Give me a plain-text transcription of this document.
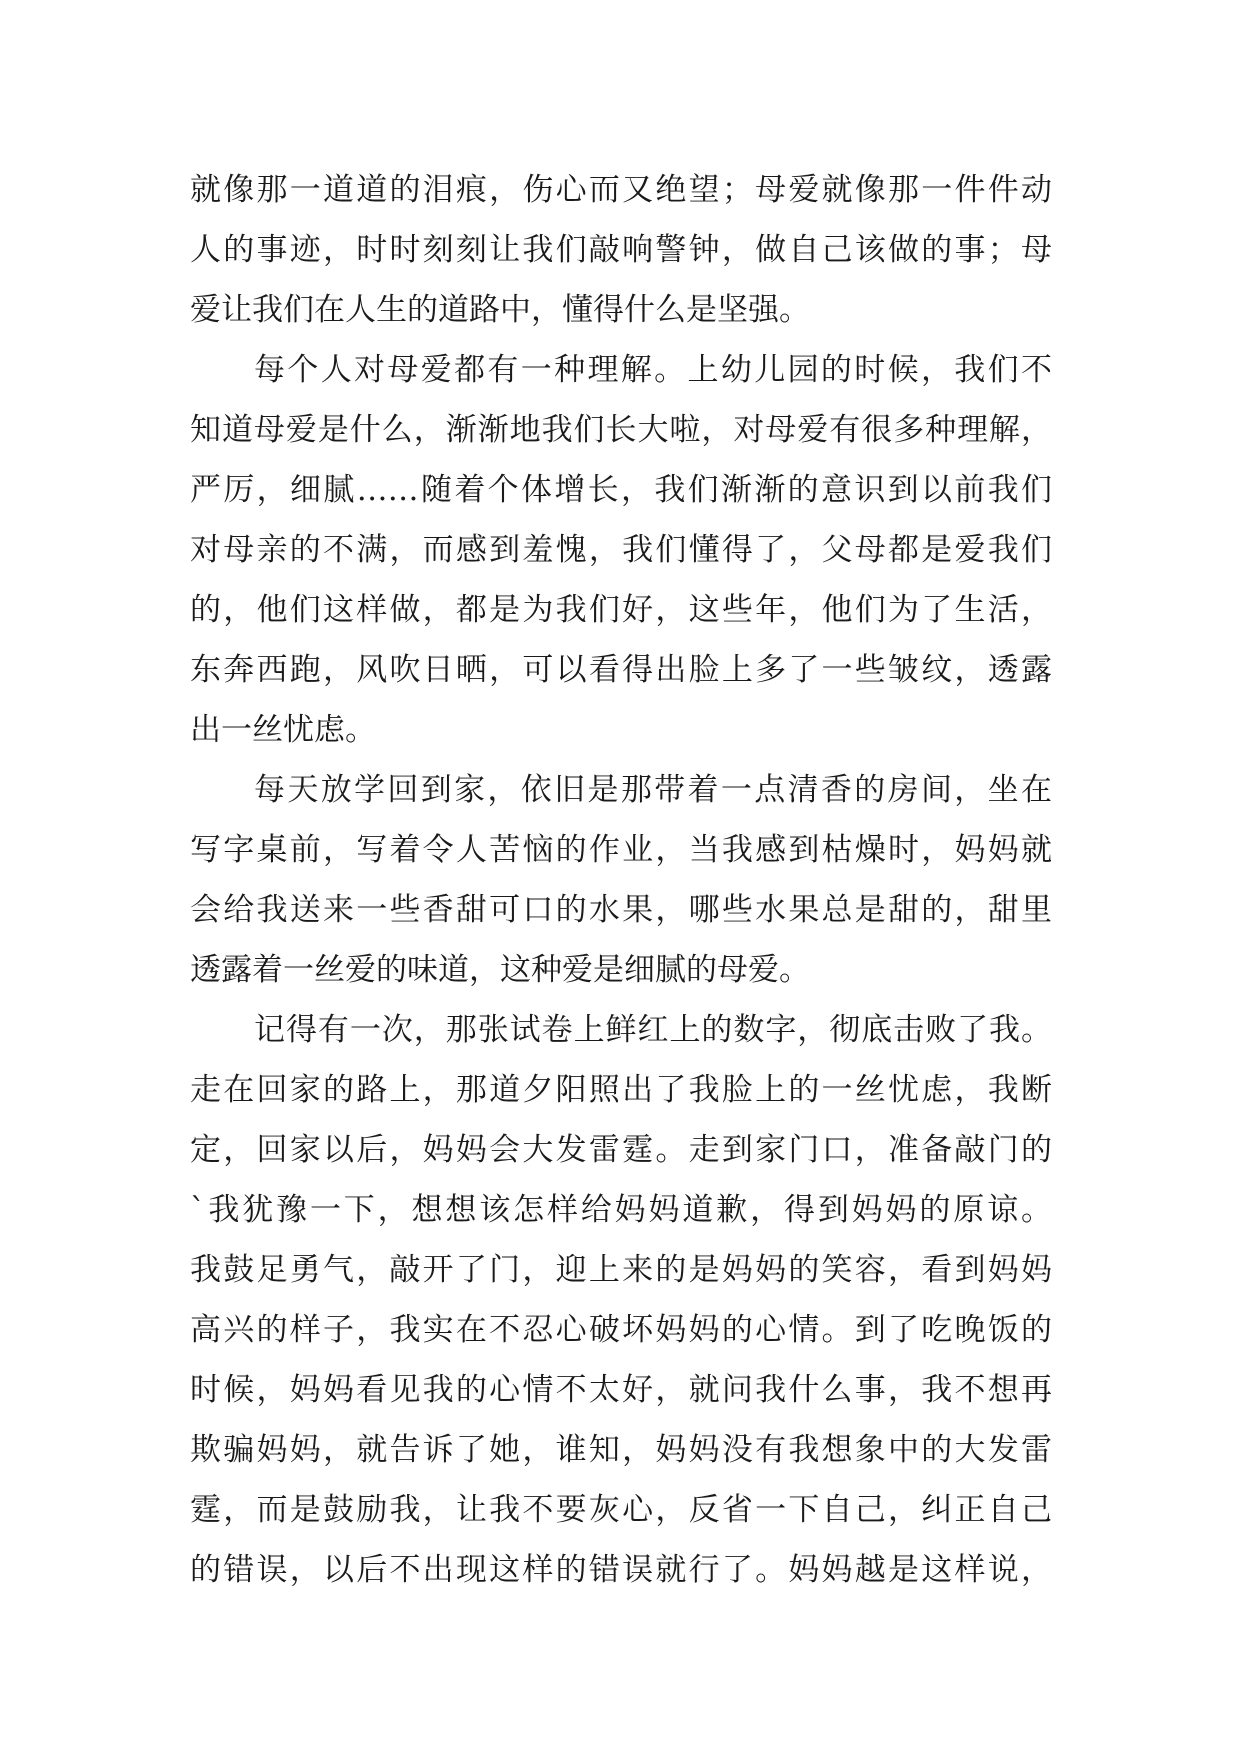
就像那一道道的泪痕，伤心而又绝望；母爱就像那一件件动
人的事迹，时时刻刻让我们敲响警钟，做自己该做的事；母
爱让我们在人生的道路中，懂得什么是坚强。
每个人对母爱都有一种理解。上幼儿园的时候，我们不
知道母爱是什么，渐渐地我们长大啦，对母爱有很多种理解，
严厉，细腻……随着个体增长，我们渐渐的意识到以前我们
对母亲的不满，而感到羞愧，我们懂得了，父母都是爱我们
的，他们这样做，都是为我们好，这些年，他们为了生活，
东奔西跑，风吹日晒，可以看得出脸上多了一些皱纹，透露
出一丝忧虑。
每天放学回到家，依旧是那带着一点清香的房间，坐在
写字桌前，写着令人苦恼的作业，当我感到枯燥时，妈妈就
会给我送来一些香甜可口的水果，哪些水果总是甜的，甜里
透露着一丝爱的味道，这种爱是细腻的母爱。
记得有一次，那张试卷上鲜红上的数字，彻底击败了我。
走在回家的路上，那道夕阳照出了我脸上的一丝忧虑，我断
定，回家以后，妈妈会大发雷霆。走到家门口，准备敲门的
`我犹豫一下，想想该怎样给妈妈道歉，得到妈妈的原谅。
我鼓足勇气，敲开了门，迎上来的是妈妈的笑容，看到妈妈
高兴的样子，我实在不忍心破坏妈妈的心情。到了吃晚饭的
时候，妈妈看见我的心情不太好，就问我什么事，我不想再
欺骗妈妈，就告诉了她，谁知，妈妈没有我想象中的大发雷
霆，而是鼓励我，让我不要灰心，反省一下自己，纠正自己
的错误，以后不出现这样的错误就行了。妈妈越是这样说，
